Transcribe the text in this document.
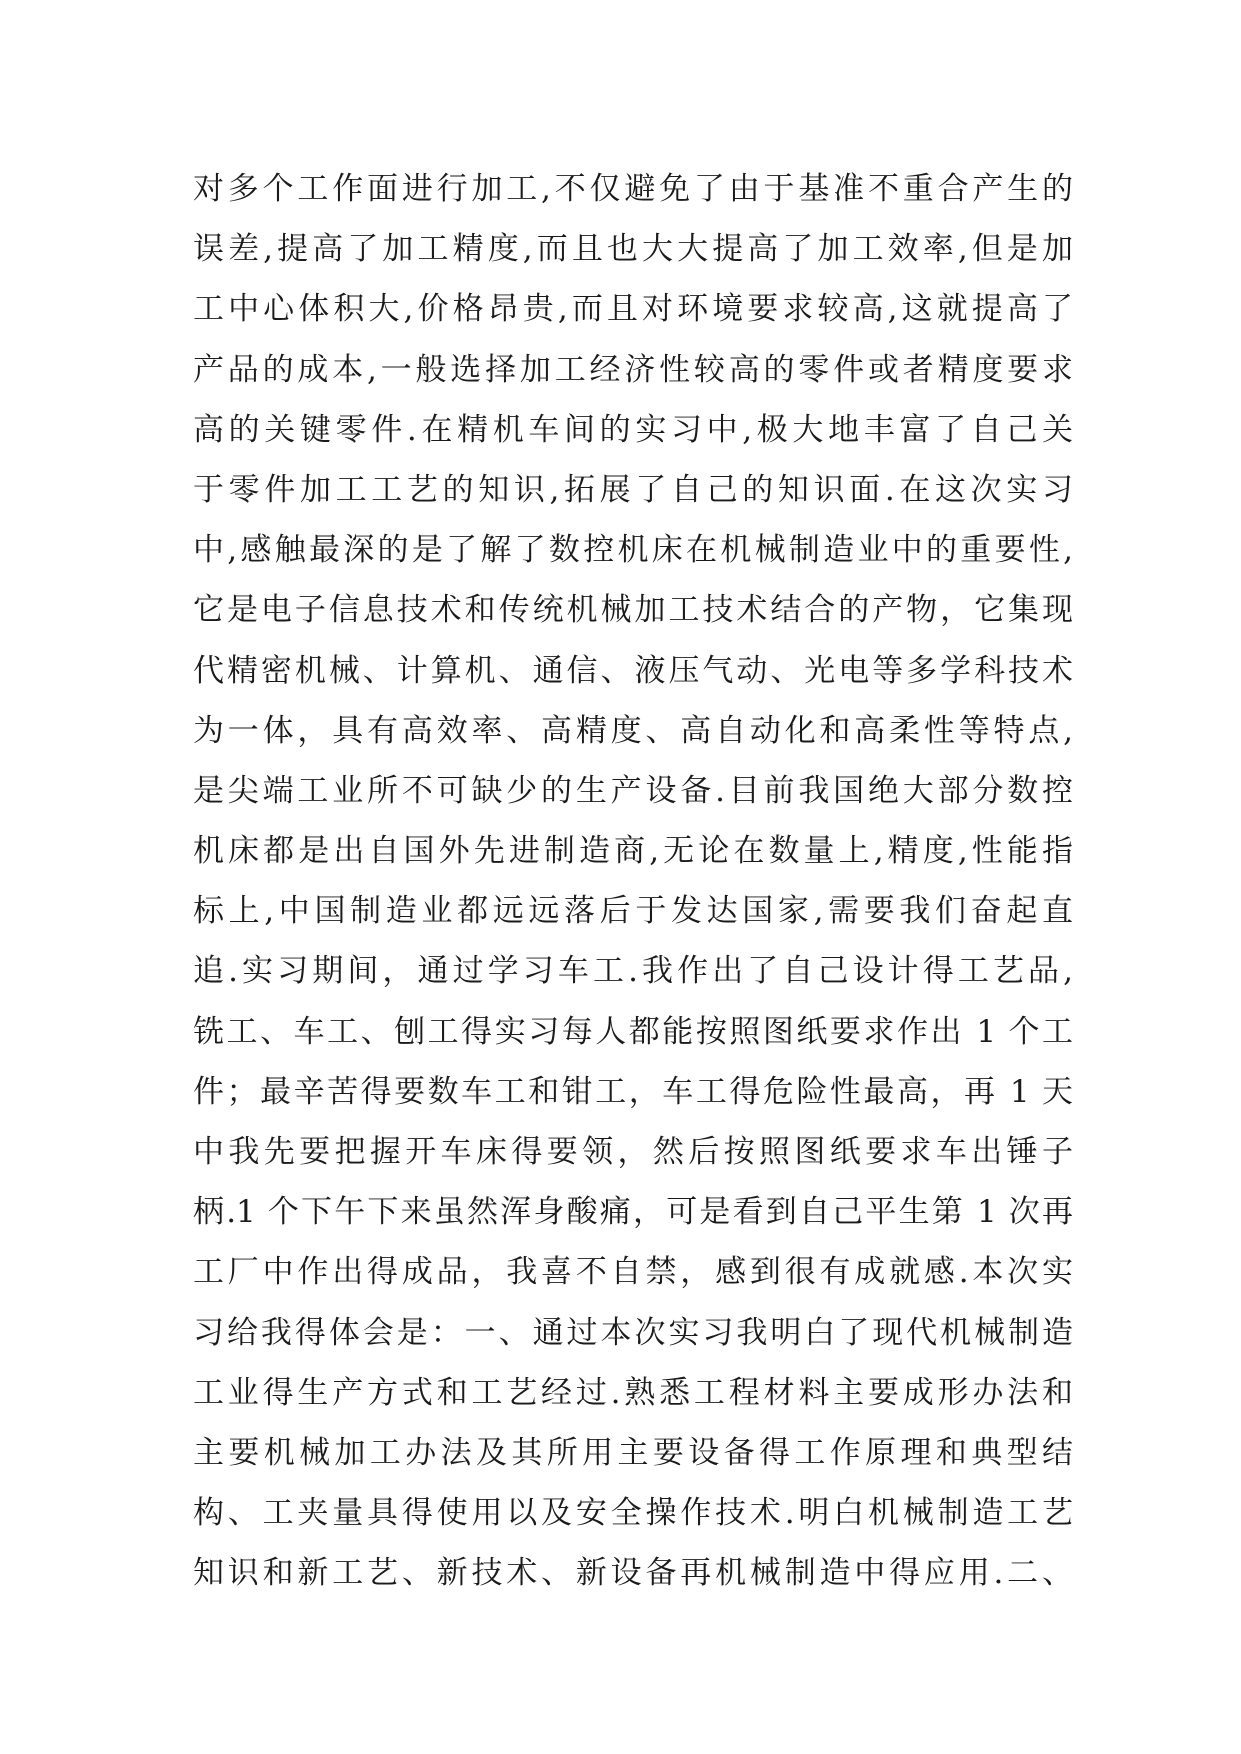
对多个工作面进行加工,不仅避免了由于基准不重合产生的
误差,提高了加工精度,而且也大大提高了加工效率,但是加
工中心体积大,价格昂贵,而且对环境要求较高,这就提高了
产品的成本,一般选择加工经济性较高的零件或者精度要求
高的关键零件.在精机车间的实习中,极大地丰富了自己关
于零件加工工艺的知识,拓展了自己的知识面.在这次实习
中,感触最深的是了解了数控机床在机械制造业中的重要性,
它是电子信息技术和传统机械加工技术结合的产物，它集现
代精密机械、计算机、通信、液压气动、光电等多学科技术
为一体，具有高效率、高精度、高自动化和高柔性等特点,
是尖端工业所不可缺少的生产设备.目前我国绝大部分数控
机床都是出自国外先进制造商,无论在数量上,精度,性能指
标上,中国制造业都远远落后于发达国家,需要我们奋起直
追.实习期间，通过学习车工.我作出了自己设计得工艺品,
铣工、车工、刨工得实习每人都能按照图纸要求作出 1 个工
件；最辛苦得要数车工和钳工，车工得危险性最高，再 1 天
中我先要把握开车床得要领，然后按照图纸要求车出锤子
柄.1 个下午下来虽然浑身酸痛，可是看到自己平生第 1 次再
工厂中作出得成品，我喜不自禁，感到很有成就感.本次实
习给我得体会是：一、通过本次实习我明白了现代机械制造
工业得生产方式和工艺经过.熟悉工程材料主要成形办法和
主要机械加工办法及其所用主要设备得工作原理和典型结
构、工夹量具得使用以及安全操作技术.明白机械制造工艺
知识和新工艺、新技术、新设备再机械制造中得应用.二、
